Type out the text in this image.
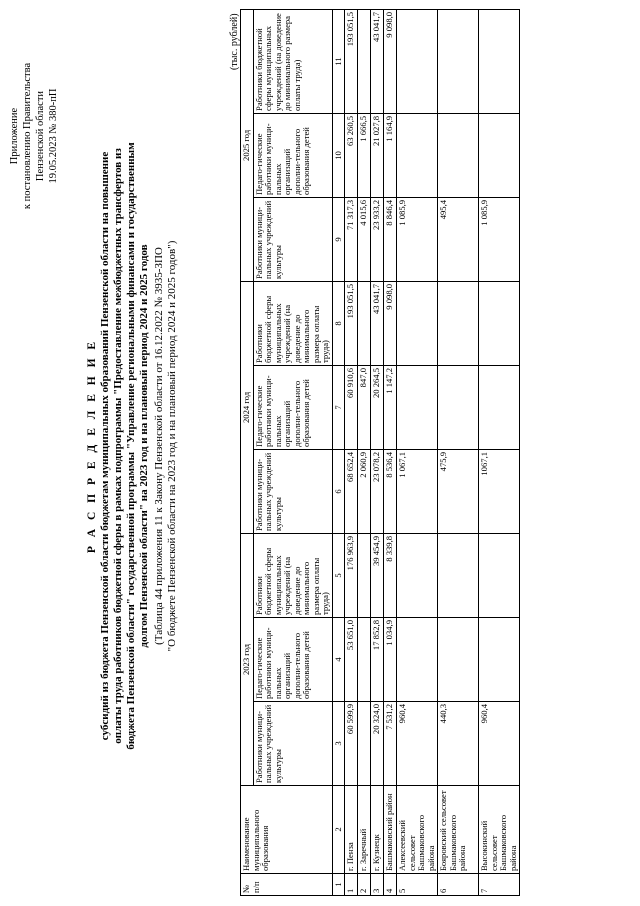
Приложение к постановлению Правительства Пензенской области 19.05.2023 № 380-пП
Р А С П Р Е Д Е Л Е Н И Е субсидий из бюджета Пензенской области бюджетам муниципальных образований Пензенской области на повышение оплаты труда работников бюджетной сферы в рамках подпрограммы "Предоставление межбюджетных трансфертов из бюджета Пензенской области" государственной программы "Управление региональными финансами и государственным долгом Пензенской области" на 2023 год и на плановый период 2024 и 2025 годов (Таблица 44 приложения 11 к Закону Пензенской области от 16.12.2022 № 3935-ЗПО "О бюджете Пензенской области на 2023 год и на плановый период 2024 и 2025 годов")
(тыс. рублей)
№ п/п	Наименование муниципального образования	2023 год			2024 год			2025 год		
		Работники муници-пальных учреждений культуры	Педаго-гические работники муници-пальных организаций дополни-тельного образования детей	Работники бюджетной сферы муниципальных учреждений (на доведение до минимального размера оплаты труда)	Работники муници-пальных учреждений культуры	Педаго-гические работники муници-пальных организаций дополни-тельного образования детей	Работники бюджетной сферы муниципальных учреждений (на доведение до минимального размера оплаты труда)	Работники муници-пальных учреждений культуры	Педаго-гические работники муници-пальных организаций дополни-тельного образования детей	Работники бюджетной сферы муниципальных учреждений (на доведение до минимального размера оплаты труда)
1	2	3	4	5	6	7	8	9	10	11
1	г. Пенза	60 599,9	53 651,0	176 963,9	68 652,4	60 910,6	193 051,5	71 317,3	63 260,5	193 051,5
2	г. Заречный				2 060,9	847,0		4 015,6	1 666,5	
3	г. Кузнецк	20 324,0	17 852,8	39 454,9	23 078,2	20 264,5	43 041,7	23 933,2	21 027,8	43 041,7
4	Башмаковский район	7 531,2	1 034,9	8 339,8	8 536,4	1 147,2	9 098,0	8 846,4	1 164,9	9 098,0
5	Алексеевский сельсовет Башмаковского района	960,4			1 067,1			1 085,9		
6	Бояровский сельсовет Башмаковского района	440,3			475,9			495,4		
7	Высокинский сельсовет Башмаковского района	960,4			1067,1			1 085,9		
